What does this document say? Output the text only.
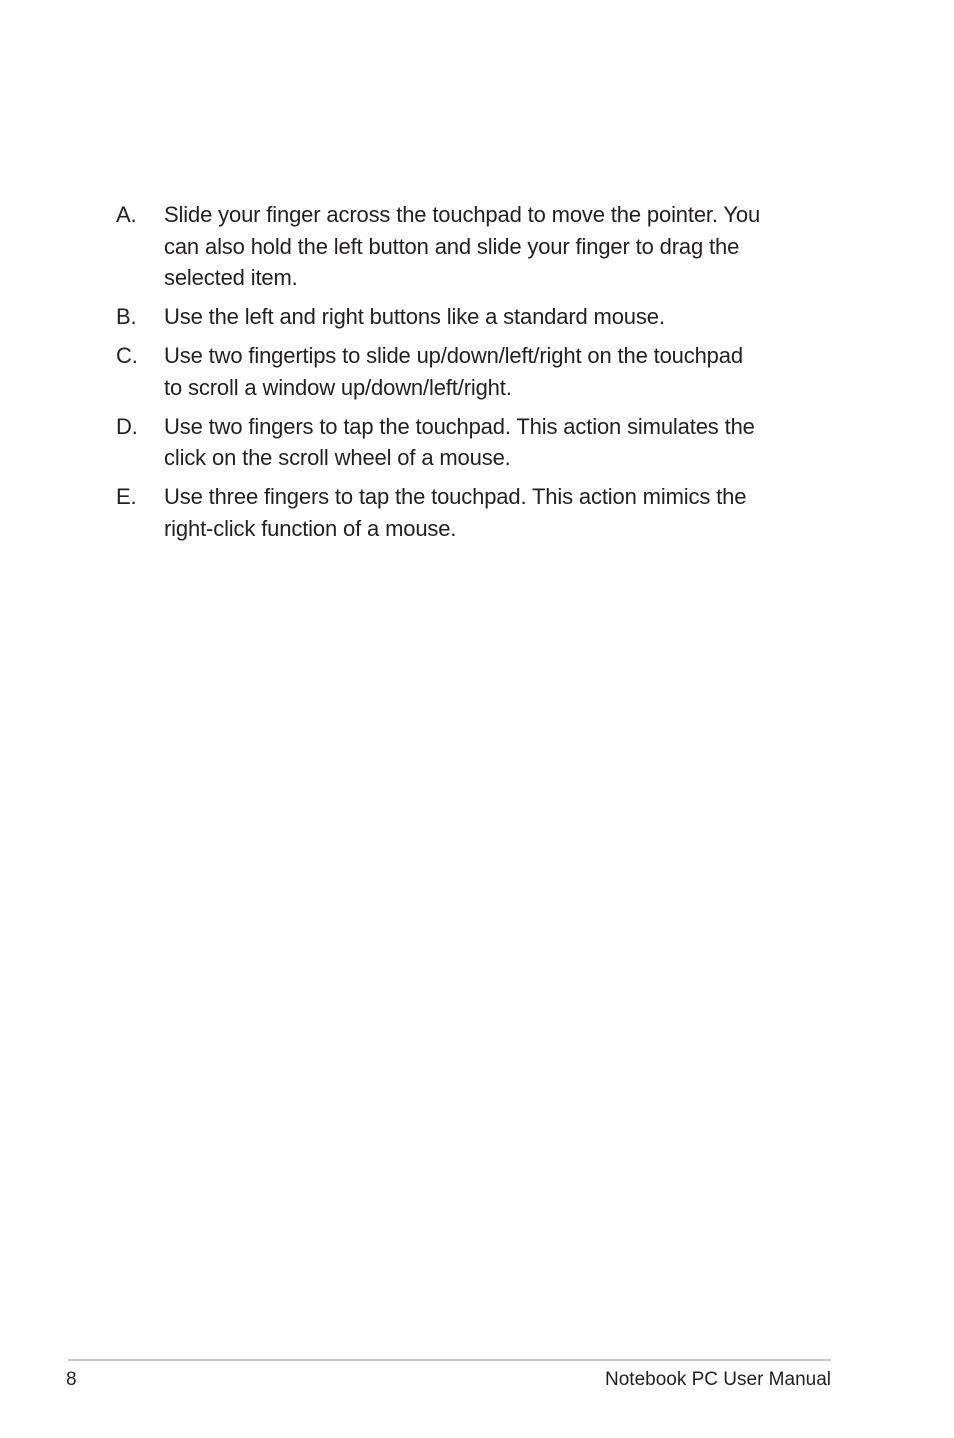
A.	Slide your finger across the touchpad to move the pointer. You
can also hold the left button and slide your finger to drag the
selected item.
B.	Use the left and right buttons like a standard mouse.
C.	Use two fingertips to slide up/down/left/right on the touchpad
to scroll a window up/down/left/right.
D.	Use two fingers to tap the touchpad. This action simulates the
click on the scroll wheel of a mouse.
E.	Use three fingers to tap the touchpad. This action mimics the
right-click function of a mouse.
8	Notebook PC User Manual
